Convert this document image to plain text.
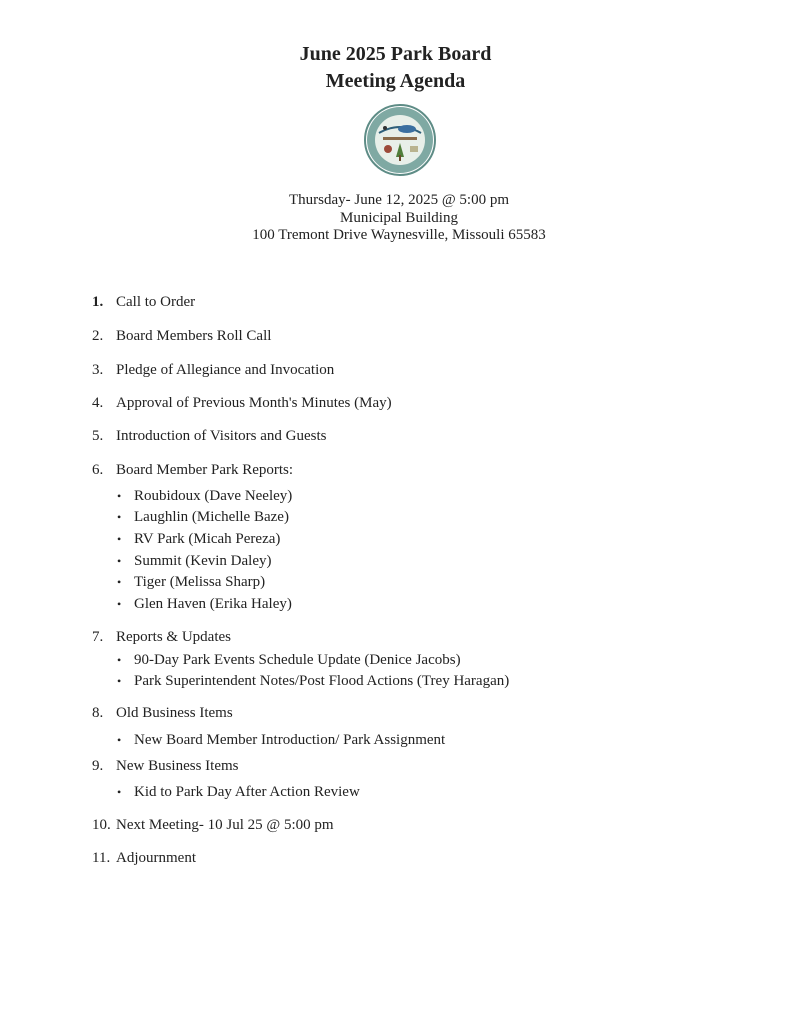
June 2025 Park Board
Meeting Agenda
Thursday- June 12, 2025 @ 5:00 pm
Municipal Building
100 Tremont Drive Waynesville, Missouli 65583
1. Call to Order
2. Board Members Roll Call
3. Pledge of Allegiance and Invocation
4. Approval of Previous Month's Minutes (May)
5. Introduction of Visitors and Guests
6. Board Member Park Reports:
• Roubidoux (Dave Neeley)
• Laughlin (Michelle Baze)
• RV Park (Micah Pereza)
• Summit (Kevin Daley)
• Tiger (Melissa Sharp)
• Glen Haven (Erika Haley)
7. Reports & Updates
• 90-Day Park Events Schedule Update (Denice Jacobs)
• Park Superintendent Notes/Post Flood Actions (Trey Haragan)
8. Old Business Items
• New Board Member Introduction/ Park Assignment
9. New Business Items
• Kid to Park Day After Action Review
10. Next Meeting- 10 Jul 25 @ 5:00 pm
11. Adjournment
